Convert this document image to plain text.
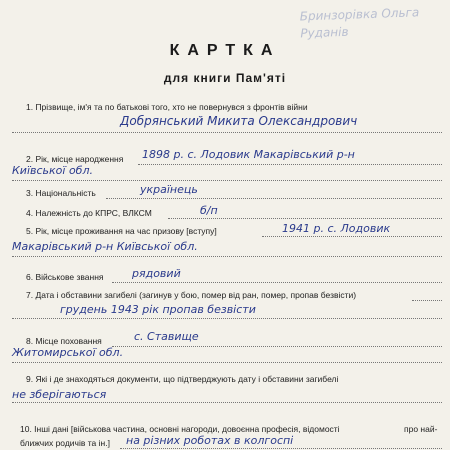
Бринзорівка Ольга Руданів
КАРТКА
для книги Пам'яті
1. Прізвище, ім'я та по батькові того, хто не повернувся з фронтів війни
Добрянський Микита Олександрович
2. Рік, місце народження 1898 р. с. Лодовик Макарівський р-н
Київської обл.
3. Національність	українець
4. Належність до КПРС, ВЛКСМ	б/п
5. Рік, місце проживання на час призову [вступу]	1941 р. с. Лодовик
Макарівський р-н Київської обл.
6. Військове звання	рядовий
7. Дата і обставини загибелі (загинув у бою, помер від ран, помер, пропав безвісти)
грудень 1943 рік пропав безвісти
8. Місце поховання	с. Ставище
Житомирської обл.
9. Які і де знаходяться документи, що підтверджують дату і обставини загибелі
не зберігаються
10. Інші дані [військова частина, основні нагороди, довоєнна професія, відомості	про най-
ближчих родичів та ін.] на різних роботах в колгоспі
